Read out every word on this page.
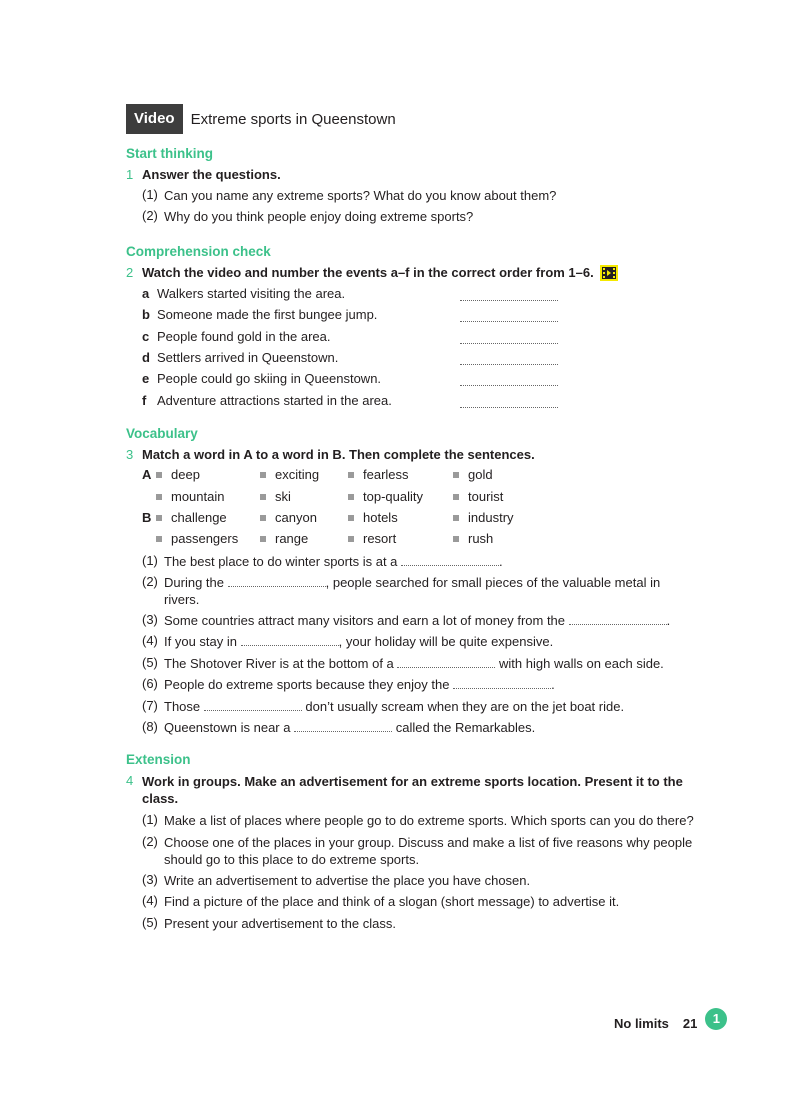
Video	Extreme sports in Queenstown
Start thinking
1 Answer the questions.
(1) Can you name any extreme sports? What do you know about them?
(2) Why do you think people enjoy doing extreme sports?
Comprehension check
2 Watch the video and number the events a–f in the correct order from 1–6.
a Walkers started visiting the area.
b Someone made the first bungee jump.
c People found gold in the area.
d Settlers arrived in Queenstown.
e People could go skiing in Queenstown.
f Adventure attractions started in the area.
Vocabulary
3 Match a word in A to a word in B. Then complete the sentences.
A deep	exciting	fearless	gold
mountain	ski	top-quality	tourist
B challenge	canyon	hotels	industry
passengers	range	resort	rush
(1) The best place to do winter sports is at a	.
(2) During the	, people searched for small pieces of the valuable metal in rivers.
(3) Some countries attract many visitors and earn a lot of money from the	.
(4) If you stay in	, your holiday will be quite expensive.
(5) The Shotover River is at the bottom of a	with high walls on each side.
(6) People do extreme sports because they enjoy the	.
(7) Those	don’t usually scream when they are on the jet boat ride.
(8) Queenstown is near a	called the Remarkables.
Extension
4 Work in groups. Make an advertisement for an extreme sports location. Present it to the class.
(1) Make a list of places where people go to do extreme sports. Which sports can you do there?
(2) Choose one of the places in your group. Discuss and make a list of five reasons why people should go to this place to do extreme sports.
(3) Write an advertisement to advertise the place you have chosen.
(4) Find a picture of the place and think of a slogan (short message) to advertise it.
(5) Present your advertisement to the class.
No limits 21	1
